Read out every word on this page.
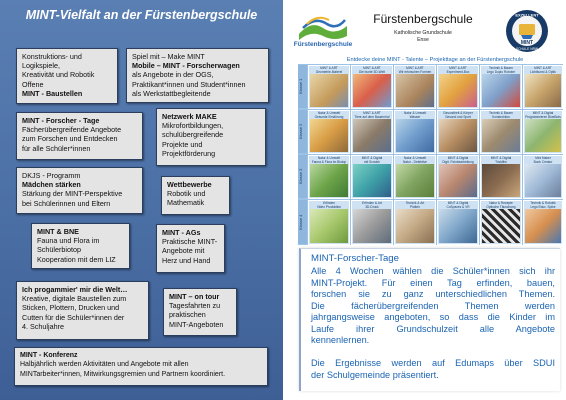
MINT-Vielfalt an der Fürstenbergschule
Konstruktions- und
Logikspiele,
Kreativität und Robotik
Offene
MINT - Baustellen
Spiel mit – Make MINT
Mobile – MINT - Forscherwagen
als Angebote in der OGS,
Praktikant*innen und Student*innen
als Werkstattbegleitende
MINT - Forscher - Tage
Fächerübergreifende Angebote
zum Forschen und Entdecken
für alle Schüler*innen
Netzwerk MAKE
Mikrofortbildungen,
schulübergreifende
Projekte und
Projektförderung
DKJS - Programm
Mädchen stärken
Stärkung der MINT-Perspektive
bei Schülerinnen und Eltern
Wettbewerbe
Robotik und
Mathematik
MINT & BNE
Fauna und Flora im
Schülerbiotop
Kooperation mit dem LIZ
MINT - AGs
Praktische MINT-
Angebote mit
Herz und Hand
Ich progammier' mir die Welt…
Kreative, digitale Baustellen zum
Sticken, Plottern, Drucken und
Cutten für die Schüler*innen der
4. Schuljahre
MINT – on tour
Tagesfahrten zu
praktischen
MINT-Angeboten
MINT - Konferenz
Halbjährlich werden Aktivitäten und Angebote mit allen
MINTarbeiter*innen, Mitwirkungsgremien und Partnern koordiniert.
Fürstenbergschule
Fürstenbergschule
Katholische Grundschule
Ense
EXZELLENT
MINT
SCHULE NRW
Entdecke deine MINT - Talente – Projekttage an der Fürstenbergschule
Klasse 1
Klasse 2
Klasse 3
Klasse 4
MINT & ART
Geometrie-Malerei
MINT & ART
Die bunte 3D-Welt
MINT & ART
Wir erforschen Formen
MINT & ART
Experiment-Box
Technik & Bauen
Lego Duplo Roboter
MINT & ART
Lichtkunst & Optik
Natur & Umwelt
Gesunde Ernährung
MINT & ART
Tiere auf dem Bauernhof
Natur & Umwelt
Wasser
Gesundheit & Körper
Gesund und Sport
Technik & Bauen
Konstruktion
MINT & Digital
Programmieren BlueBots
Natur & Umwelt
Fauna & Flora im Biotop
MINT & Digital
mit Scratch
Natur & Umwelt
Natur - Detektive
MINT & Digital
Digit. Fotobearbeitung
MINT & Digital
Trickfilm
Mini Maker
Book Creator
Erfinden
Video Produktion
Erfinden & Art
3D-Druck
Technik & Art
Plotten
MINT & Digital
CoSpaces & VR
Natur & Rezepte
Optische Täuschung
Technik & Robotik
Lego Educ. Spike
MINT-Forscher-Tage
Alle 4 Wochen wählen die Schüler*innen sich ihr
MINT-Projekt. Für einen Tag erfinden, bauen,
forschen sie zu ganz unterschiedlichen Themen.
Die fächerübergreifenden Themen werden
jahrgangsweise angeboten, so dass die Kinder im
Laufe ihrer Grundschulzeit alle Angebote
kennenlernen.
Die Ergebnisse werden auf Edumaps über SDUI
der Schulgemeinde präsentiert.
